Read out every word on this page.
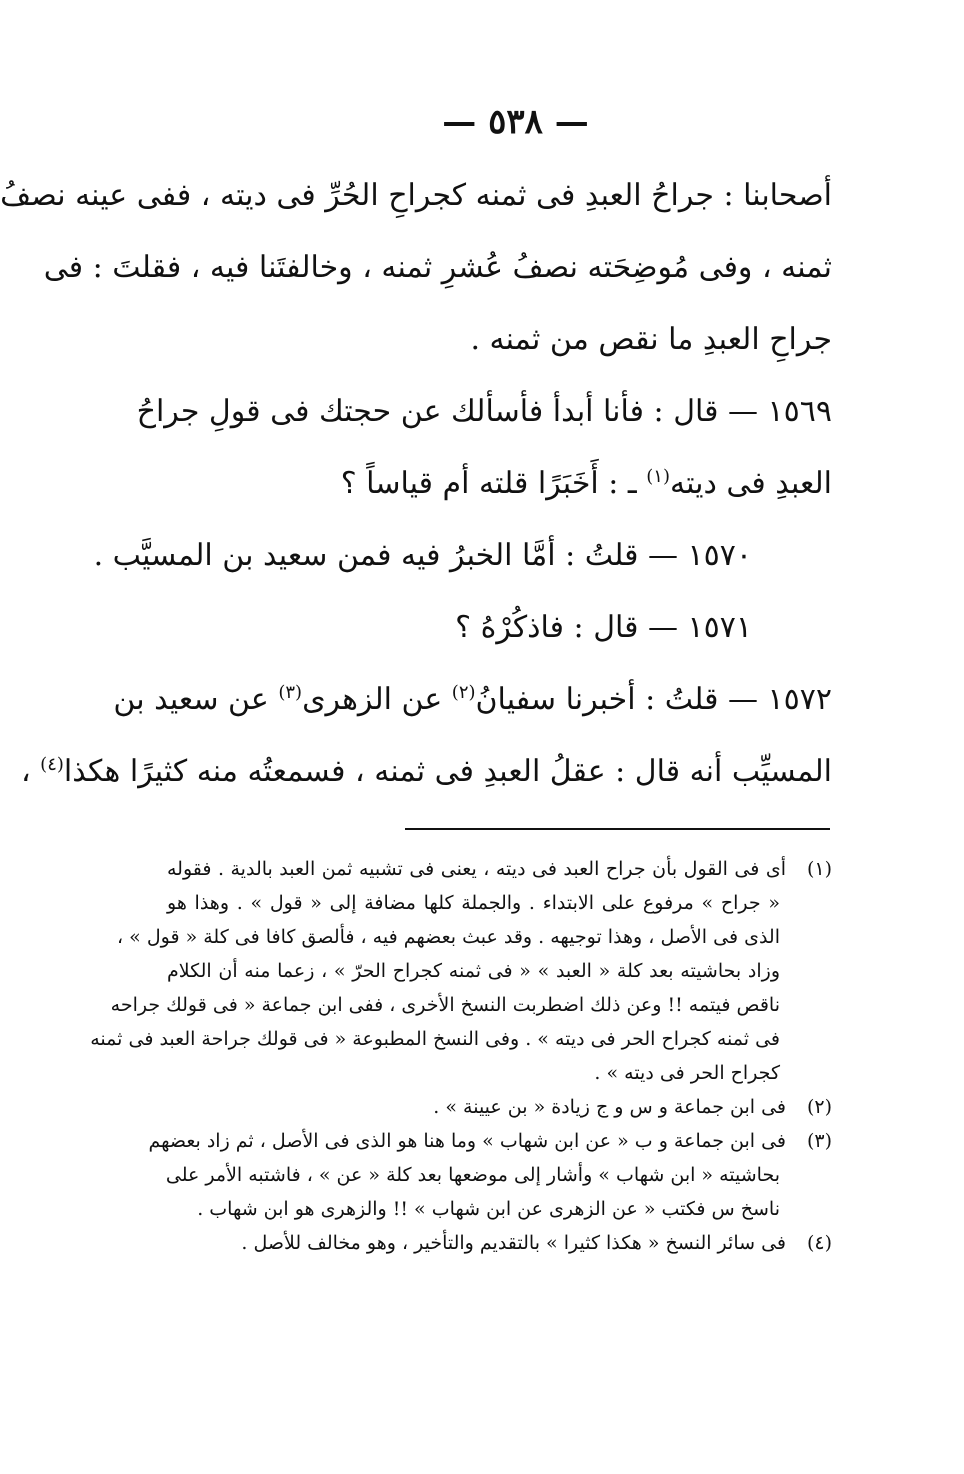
— ٥٣٨ —
أصحابنا : جراحُ العبدِ فى ثمنه كجراحِ الحُرِّ فى ديته ، ففى عينه نصفُ
ثمنه ، وفى مُوضِحَته نصفُ عُشرِ ثمنه ، وخالفتَنا فيه ، فقلتَ : فى
جراحِ العبدِ ما نقص من ثمنه .
١٥٦٩ — قال : فأنا أبدأ فأسألك عن حجتك فى قولِ جراحُ
العبدِ فى ديته$^{(١)}$ ـ : أَخَبَرًا قلته أم قياساً ؟
١٥٧٠ — قلتُ : أمَّا الخبرُ فيه فمن سعيد بن المسيَّب .
١٥٧١ — قال : فاذكُرْهُ ؟
١٥٧٢ — قلتُ : أخبرنا سفيانُ$^{(٢)}$ عن الزهرى$^{(٣)}$ عن سعيد بن
المسيِّب أنه قال : عقلُ العبدِ فى ثمنه ، فسمعتُه منه كثيرًا هكذا$^{(٤)}$ ،
(١)أى فى القول بأن جراح العبد فى ديته ، يعنى فى تشبيه ثمن العبد بالدية . فقوله
« جراح » مرفوع على الابتداء . والجملة كلها مضافة إلى « قول » . وهذا هو
الذى فى الأصل ، وهذا توجيهه . وقد عبث بعضهم فيه ، فألصق كافا فى كلة « قول » ،
وزاد بحاشيته بعد كلة « العبد » « فى ثمنه كجراح الحرّ » ، زعما منه أن الكلام
ناقص فيتمه !! وعن ذلك اضطربت النسخ الأخرى ، ففى ابن جماعة « فى قولك جراحه
فى ثمنه كجراح الحر فى ديته » . وفى النسخ المطبوعة « فى قولك جراحة العبد فى ثمنه
كجراح الحر فى ديته » .
(٢)فى ابن جماعة و س و ج زيادة « بن عيينة » .
(٣)فى ابن جماعة و ب « عن ابن شهاب » وما هنا هو الذى فى الأصل ، ثم زاد بعضهم
بحاشيته « ابن شهاب » وأشار إلى موضعها بعد كلة « عن » ، فاشتبه الأمر على
ناسخ س فكتب « عن الزهرى عن ابن شهاب » !! والزهرى هو ابن شهاب .
(٤)فى سائر النسخ « هكذا كثيرا » بالتقديم والتأخير ، وهو مخالف للأصل .
